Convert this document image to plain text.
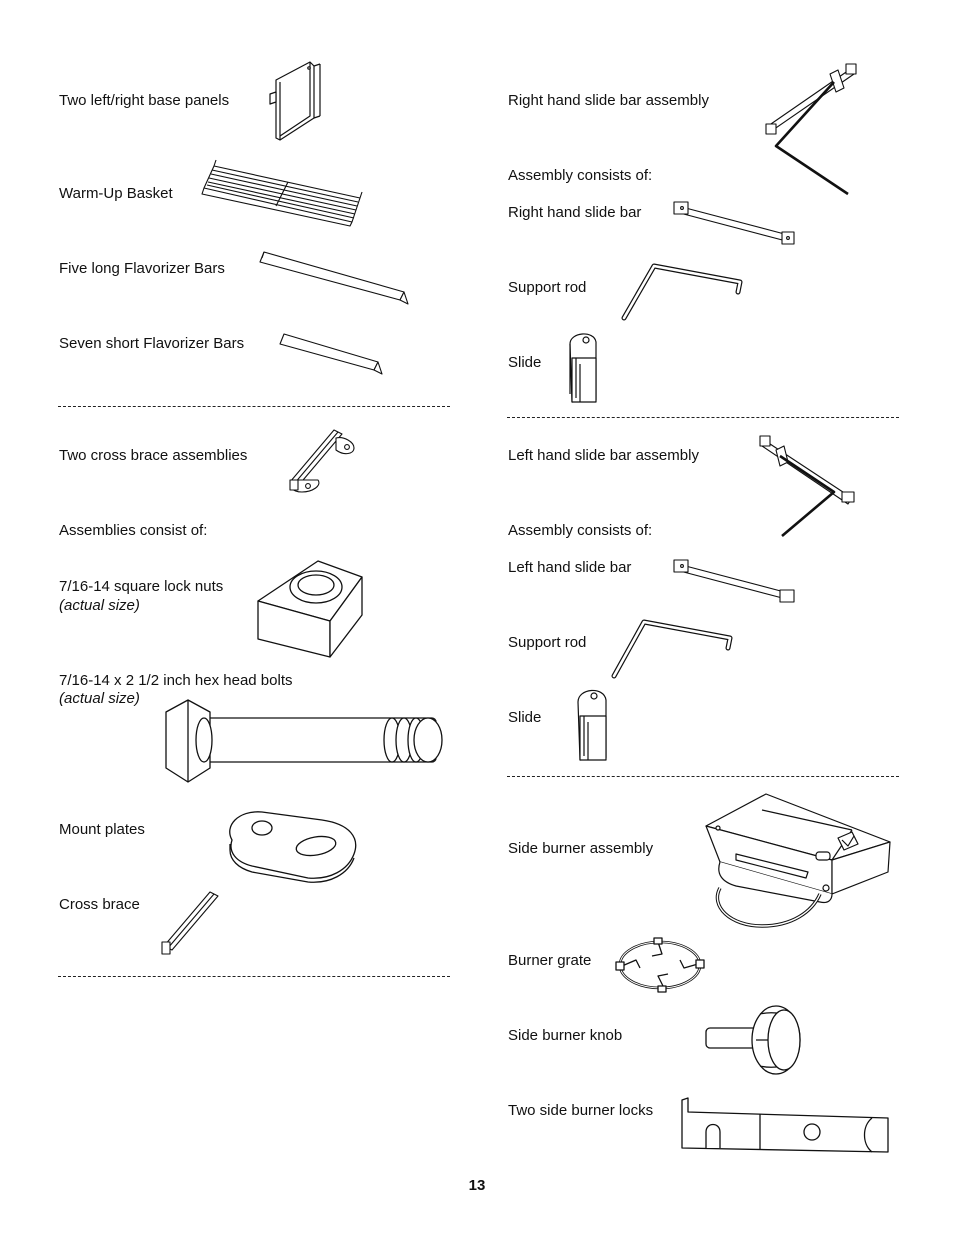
Two left/right base panels
Warm-Up Basket
Five long Flavorizer Bars
Seven short Flavorizer Bars
Two cross brace assemblies
Assemblies consist of:
7/16-14 square lock nuts
(actual size)
7/16-14 x 2 1/2 inch hex head bolts
(actual size)
Mount plates
Cross brace
Right hand slide bar assembly
Assembly consists of:
Right hand slide bar
Support rod
Slide
Left hand slide bar assembly
Assembly consists of:
Left hand slide bar
Support rod
Slide
Side burner assembly
Burner grate
Side burner knob
Two side burner locks
13
